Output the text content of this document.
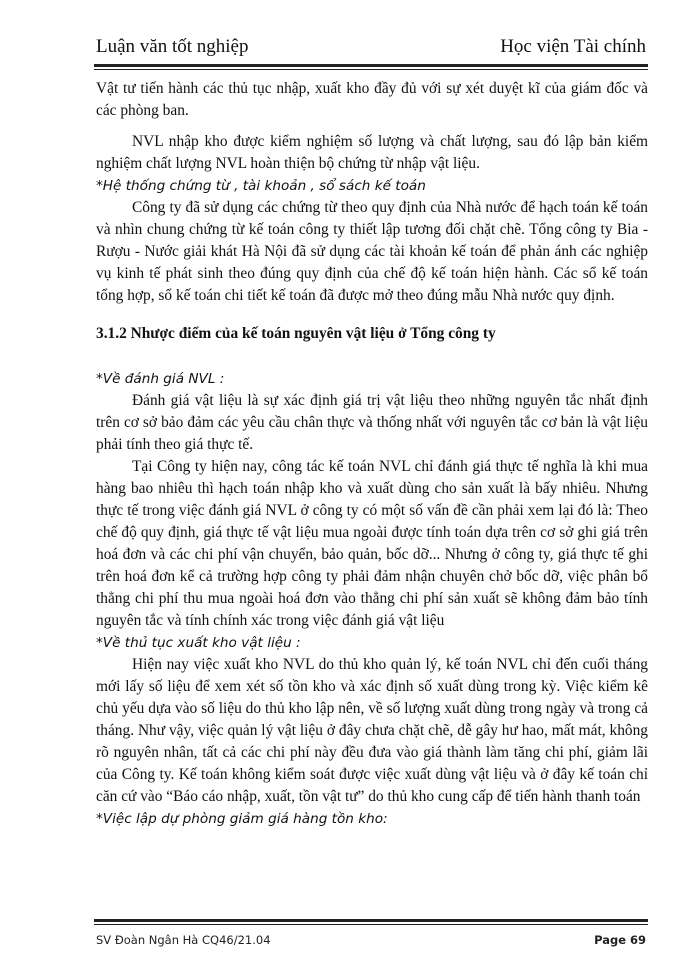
Luận văn tốt nghiệp	Học viện Tài chính

Vật tư tiến hành các thủ tục nhập, xuất kho đầy đủ với sự xét duyệt kĩ của giám đốc và các phòng ban.

NVL nhập kho được kiểm nghiệm số lượng và chất lượng, sau đó lập bản kiểm nghiệm chất lượng NVL hoàn thiện bộ chứng từ nhập vật liệu.

*Hệ thống chứng từ , tài khoản , sổ sách kế toán

Công ty đã sử dụng các chứng từ theo quy định của Nhà nước để hạch toán kế toán và nhìn chung chứng từ kế toán công ty thiết lập tương đối chặt chẽ. Tổng công ty Bia - Rượu - Nước giải khát Hà Nội đã sử dụng các tài khoản kế toán để phản ánh các nghiệp vụ kinh tế phát sinh theo đúng quy định của chế độ kế toán hiện hành. Các sổ kế toán tổng hợp, sổ kế toán chi tiết kế toán đã được mở theo đúng mẫu Nhà nước quy định.

3.1.2 Nhược điểm của kế toán nguyên vật liệu ở Tổng công ty

*Về đánh giá NVL :

Đánh giá vật liệu là sự xác định giá trị vật liệu theo những nguyên tắc nhất định trên cơ sở bảo đảm các yêu cầu chân thực và thống nhất với nguyên tắc cơ bản là vật liệu phải tính theo giá thực tế.

Tại Công ty hiện nay, công tác kế toán NVL chỉ đánh giá thực tế nghĩa là khi mua hàng bao nhiêu thì hạch toán nhập kho và xuất dùng cho sản xuất là bấy nhiêu. Nhưng thực tế trong việc đánh giá NVL ở công ty có một số vấn đề cần phải xem lại đó là: Theo chế độ quy định, giá thực tế vật liệu mua ngoài được tính toán dựa trên cơ sở ghi giá trên hoá đơn và các chi phí vận chuyển, bảo quản, bốc dỡ... Nhưng ở công ty, giá thực tế ghi trên hoá đơn kể cả trường hợp công ty phải đảm nhận chuyên chở bốc dỡ, việc phân bổ thẳng chi phí thu mua ngoài hoá đơn vào thẳng chi phí sản xuất sẽ không đảm bảo tính nguyên tắc và tính chính xác trong việc đánh giá vật liệu

*Về thủ tục xuất kho vật liệu :

Hiện nay việc xuất kho NVL do thủ kho quản lý, kế toán NVL chỉ đến cuối tháng mới lấy số liệu để xem xét số tồn kho và xác định số xuất dùng trong kỳ. Việc kiểm kê chủ yếu dựa vào số liệu do thủ kho lập nên, về số lượng xuất dùng trong ngày và trong cả tháng. Như vậy, việc quản lý vật liệu ở đây chưa chặt chẽ, dễ gây hư hao, mất mát, không rõ nguyên nhân, tất cả các chi phí này đều đưa vào giá thành làm tăng chi phí, giảm lãi của Công ty. Kế toán không kiểm soát được việc xuất dùng vật liệu và ở đây kế toán chỉ căn cứ vào “Báo cáo nhập, xuất, tồn vật tư” do thủ kho cung cấp để tiến hành thanh toán

*Việc lập dự phòng giảm giá hàng tồn kho:

SV Đoàn Ngân Hà CQ46/21.04	Page 69
